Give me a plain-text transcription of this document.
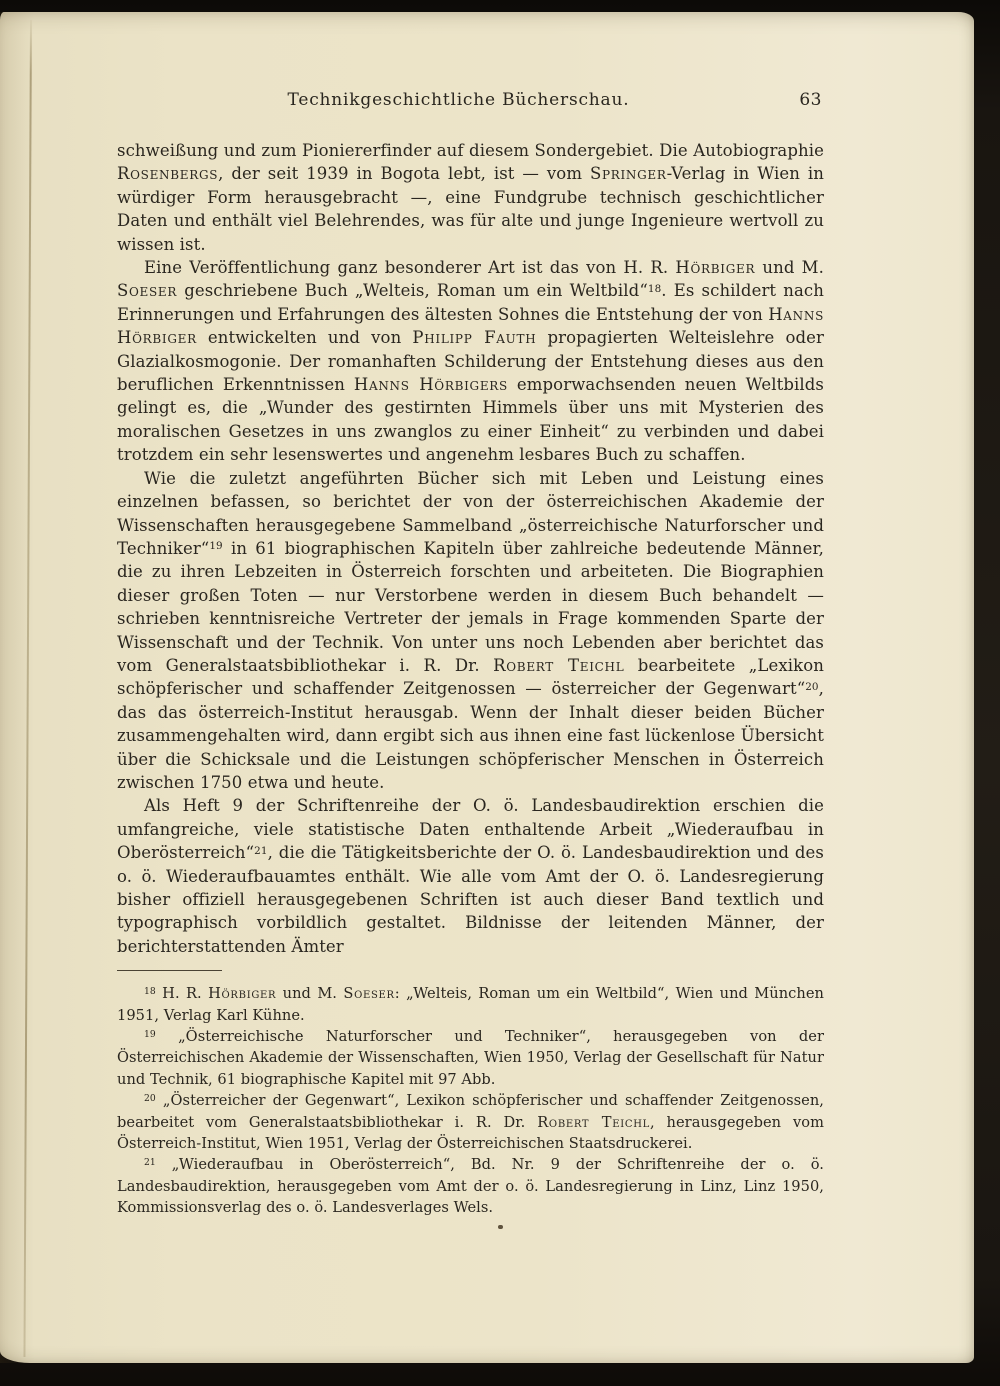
Technikgeschichtliche Bücherschau.	63

schweißung und zum Pioniererfinder auf diesem Sondergebiet. Die Autobiographie Rosenbergs, der seit 1939 in Bogota lebt, ist — vom Springer-Verlag in Wien in würdiger Form herausgebracht —, eine Fundgrube technisch geschichtlicher Daten und enthält viel Belehrendes, was für alte und junge Ingenieure wertvoll zu wissen ist.

Eine Veröffentlichung ganz besonderer Art ist das von H. R. Hörbiger und M. Soeser geschriebene Buch „Welteis, Roman um ein Weltbild“$^{18}$. Es schildert nach Erinnerungen und Erfahrungen des ältesten Sohnes die Entstehung der von Hanns Hörbiger entwickelten und von Philipp Fauth propagierten Welteislehre oder Glazialkosmogonie. Der romanhaften Schilderung der Entstehung dieses aus den beruflichen Erkenntnissen Hanns Hörbigers emporwachsenden neuen Weltbilds gelingt es, die „Wunder des gestirnten Himmels über uns mit Mysterien des moralischen Gesetzes in uns zwanglos zu einer Einheit“ zu verbinden und dabei trotzdem ein sehr lesenswertes und angenehm lesbares Buch zu schaffen.

Wie die zuletzt angeführten Bücher sich mit Leben und Leistung eines einzelnen befassen, so berichtet der von der österreichischen Akademie der Wissenschaften herausgegebene Sammelband „österreichische Naturforscher und Techniker“$^{19}$ in 61 biographischen Kapiteln über zahlreiche bedeutende Männer, die zu ihren Lebzeiten in Österreich forschten und arbeiteten. Die Biographien dieser großen Toten — nur Verstorbene werden in diesem Buch behandelt — schrieben kenntnisreiche Vertreter der jemals in Frage kommenden Sparte der Wissenschaft und der Technik. Von unter uns noch Lebenden aber berichtet das vom Generalstaatsbibliothekar i. R. Dr. Robert Teichl bearbeitete „Lexikon schöpferischer und schaffender Zeitgenossen — österreicher der Gegenwart“$^{20}$, das das österreich-Institut herausgab. Wenn der Inhalt dieser beiden Bücher zusammengehalten wird, dann ergibt sich aus ihnen eine fast lückenlose Übersicht über die Schicksale und die Leistungen schöpferischer Menschen in Österreich zwischen 1750 etwa und heute.

Als Heft 9 der Schriftenreihe der O. ö. Landesbaudirektion erschien die umfangreiche, viele statistische Daten enthaltende Arbeit „Wiederaufbau in Oberösterreich“$^{21}$, die die Tätigkeitsberichte der O. ö. Landesbaudirektion und des o. ö. Wiederaufbauamtes enthält. Wie alle vom Amt der O. ö. Landesregierung bisher offiziell herausgegebenen Schriften ist auch dieser Band textlich und typographisch vorbildlich gestaltet. Bildnisse der leitenden Männer, der berichterstattenden Ämter

$^{18}$ H. R. Hörbiger und M. Soeser: „Welteis, Roman um ein Weltbild“, Wien und München 1951, Verlag Karl Kühne.

$^{19}$ „Österreichische Naturforscher und Techniker“, herausgegeben von der Österreichischen Akademie der Wissenschaften, Wien 1950, Verlag der Gesellschaft für Natur und Technik, 61 biographische Kapitel mit 97 Abb.

$^{20}$ „Österreicher der Gegenwart“, Lexikon schöpferischer und schaffender Zeitgenossen, bearbeitet vom Generalstaatsbibliothekar i. R. Dr. Robert Teichl, herausgegeben vom Österreich-Institut, Wien 1951, Verlag der Österreichischen Staatsdruckerei.

$^{21}$ „Wiederaufbau in Oberösterreich“, Bd. Nr. 9 der Schriftenreihe der o. ö. Landesbaudirektion, herausgegeben vom Amt der o. ö. Landesregierung in Linz, Linz 1950, Kommissionsverlag des o. ö. Landesverlages Wels.
